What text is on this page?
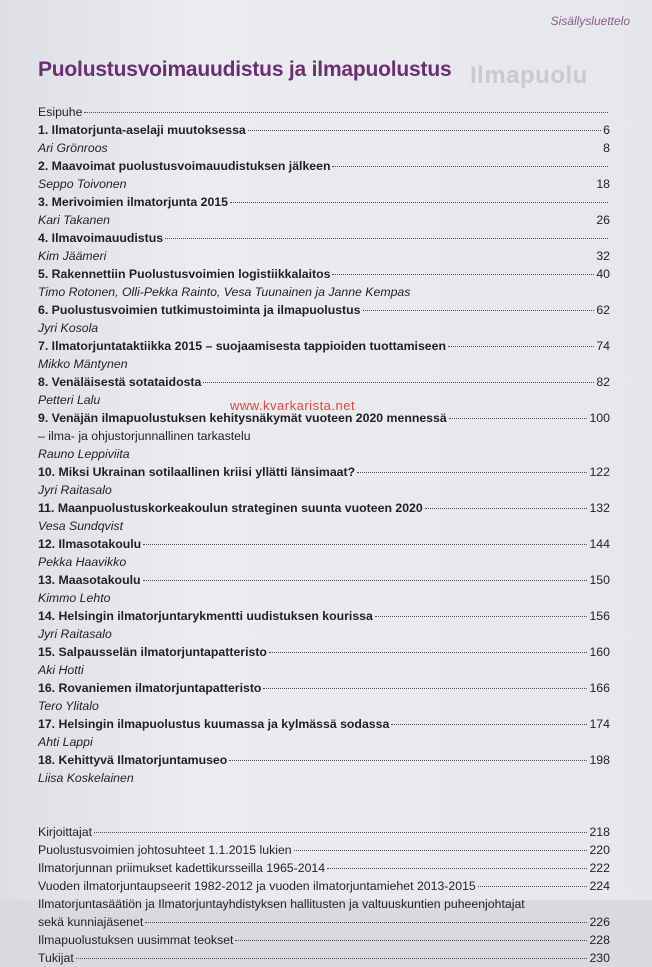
Ilmapuolu
Sisällysluettelo
Puolustusvoimauudistus ja ilmapuolustus
Esipuhe
1. Ilmatorjunta-aselaji muutoksessa	6
Ari Grönroos	8
2. Maavoimat puolustusvoimauudistuksen jälkeen
Seppo Toivonen	18
3. Merivoimien ilmatorjunta 2015
Kari Takanen	26
4. Ilmavoimauudistus
Kim Jäämeri	32
5. Rakennettiin Puolustusvoimien logistiikkalaitos	40
Timo Rotonen, Olli-Pekka Rainto, Vesa Tuunainen ja Janne Kempas
6. Puolustusvoimien tutkimustoiminta ja ilmapuolustus	62
Jyri Kosola
7. Ilmatorjuntataktiikka 2015 – suojaamisesta tappioiden tuottamiseen	74
Mikko Mäntynen
8. Venäläisestä sotataidosta	82
Petteri Lalu
9. Venäjän ilmapuolustuksen kehitysnäkymät vuoteen 2020 mennessä	100
– ilma- ja ohjustorjunnallinen tarkastelu
Rauno Leppiviita
10. Miksi Ukrainan sotilaallinen kriisi yllätti länsimaat?	122
Jyri Raitasalo
11. Maanpuolustuskorkeakoulun strateginen suunta vuoteen 2020	132
Vesa Sundqvist
12. Ilmasotakoulu	144
Pekka Haavikko
13. Maasotakoulu	150
Kimmo Lehto
14. Helsingin ilmatorjuntarykmentti uudistuksen kourissa	156
Jyri Raitasalo
15. Salpausselän ilmatorjuntapatteristo	160
Aki Hotti
16. Rovaniemen ilmatorjuntapatteristo	166
Tero Ylitalo
17. Helsingin ilmapuolustus kuumassa ja kylmässä sodassa	174
Ahti Lappi
18. Kehittyvä Ilmatorjuntamuseo	198
Liisa Koskelainen
Kirjoittajat	218
Puolustusvoimien johtosuhteet 1.1.2015 lukien	220
Ilmatorjunnan priimukset kadettikursseilla 1965-2014	222
Vuoden ilmatorjuntaupseerit 1982-2012 ja vuoden ilmatorjuntamiehet 2013-2015	224
Ilmatorjuntasäätiön ja Ilmatorjuntayhdistyksen hallitusten ja valtuuskuntien puheenjohtajat
sekä kunniajäsenet	226
Ilmapuolustuksen uusimmat teokset	228
Tukijat	230
www.kvarkarista.net
